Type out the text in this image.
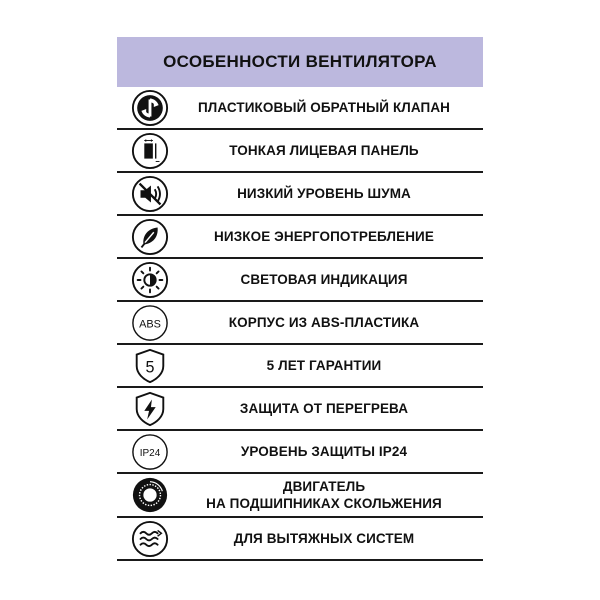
ОСОБЕННОСТИ ВЕНТИЛЯТОРА
ПЛАСТИКОВЫЙ ОБРАТНЫЙ КЛАПАН
ТОНКАЯ ЛИЦЕВАЯ ПАНЕЛЬ
НИЗКИЙ УРОВЕНЬ ШУМА
НИЗКОЕ ЭНЕРГОПОТРЕБЛЕНИЕ
СВЕТОВАЯ ИНДИКАЦИЯ
ABS	КОРПУС ИЗ ABS-ПЛАСТИКА
5	5 ЛЕТ ГАРАНТИИ
ЗАЩИТА ОТ ПЕРЕГРЕВА
IP24	УРОВЕНЬ ЗАЩИТЫ IP24
ДВИГАТЕЛЬ
НА ПОДШИПНИКАХ СКОЛЬЖЕНИЯ
ДЛЯ ВЫТЯЖНЫХ СИСТЕМ
